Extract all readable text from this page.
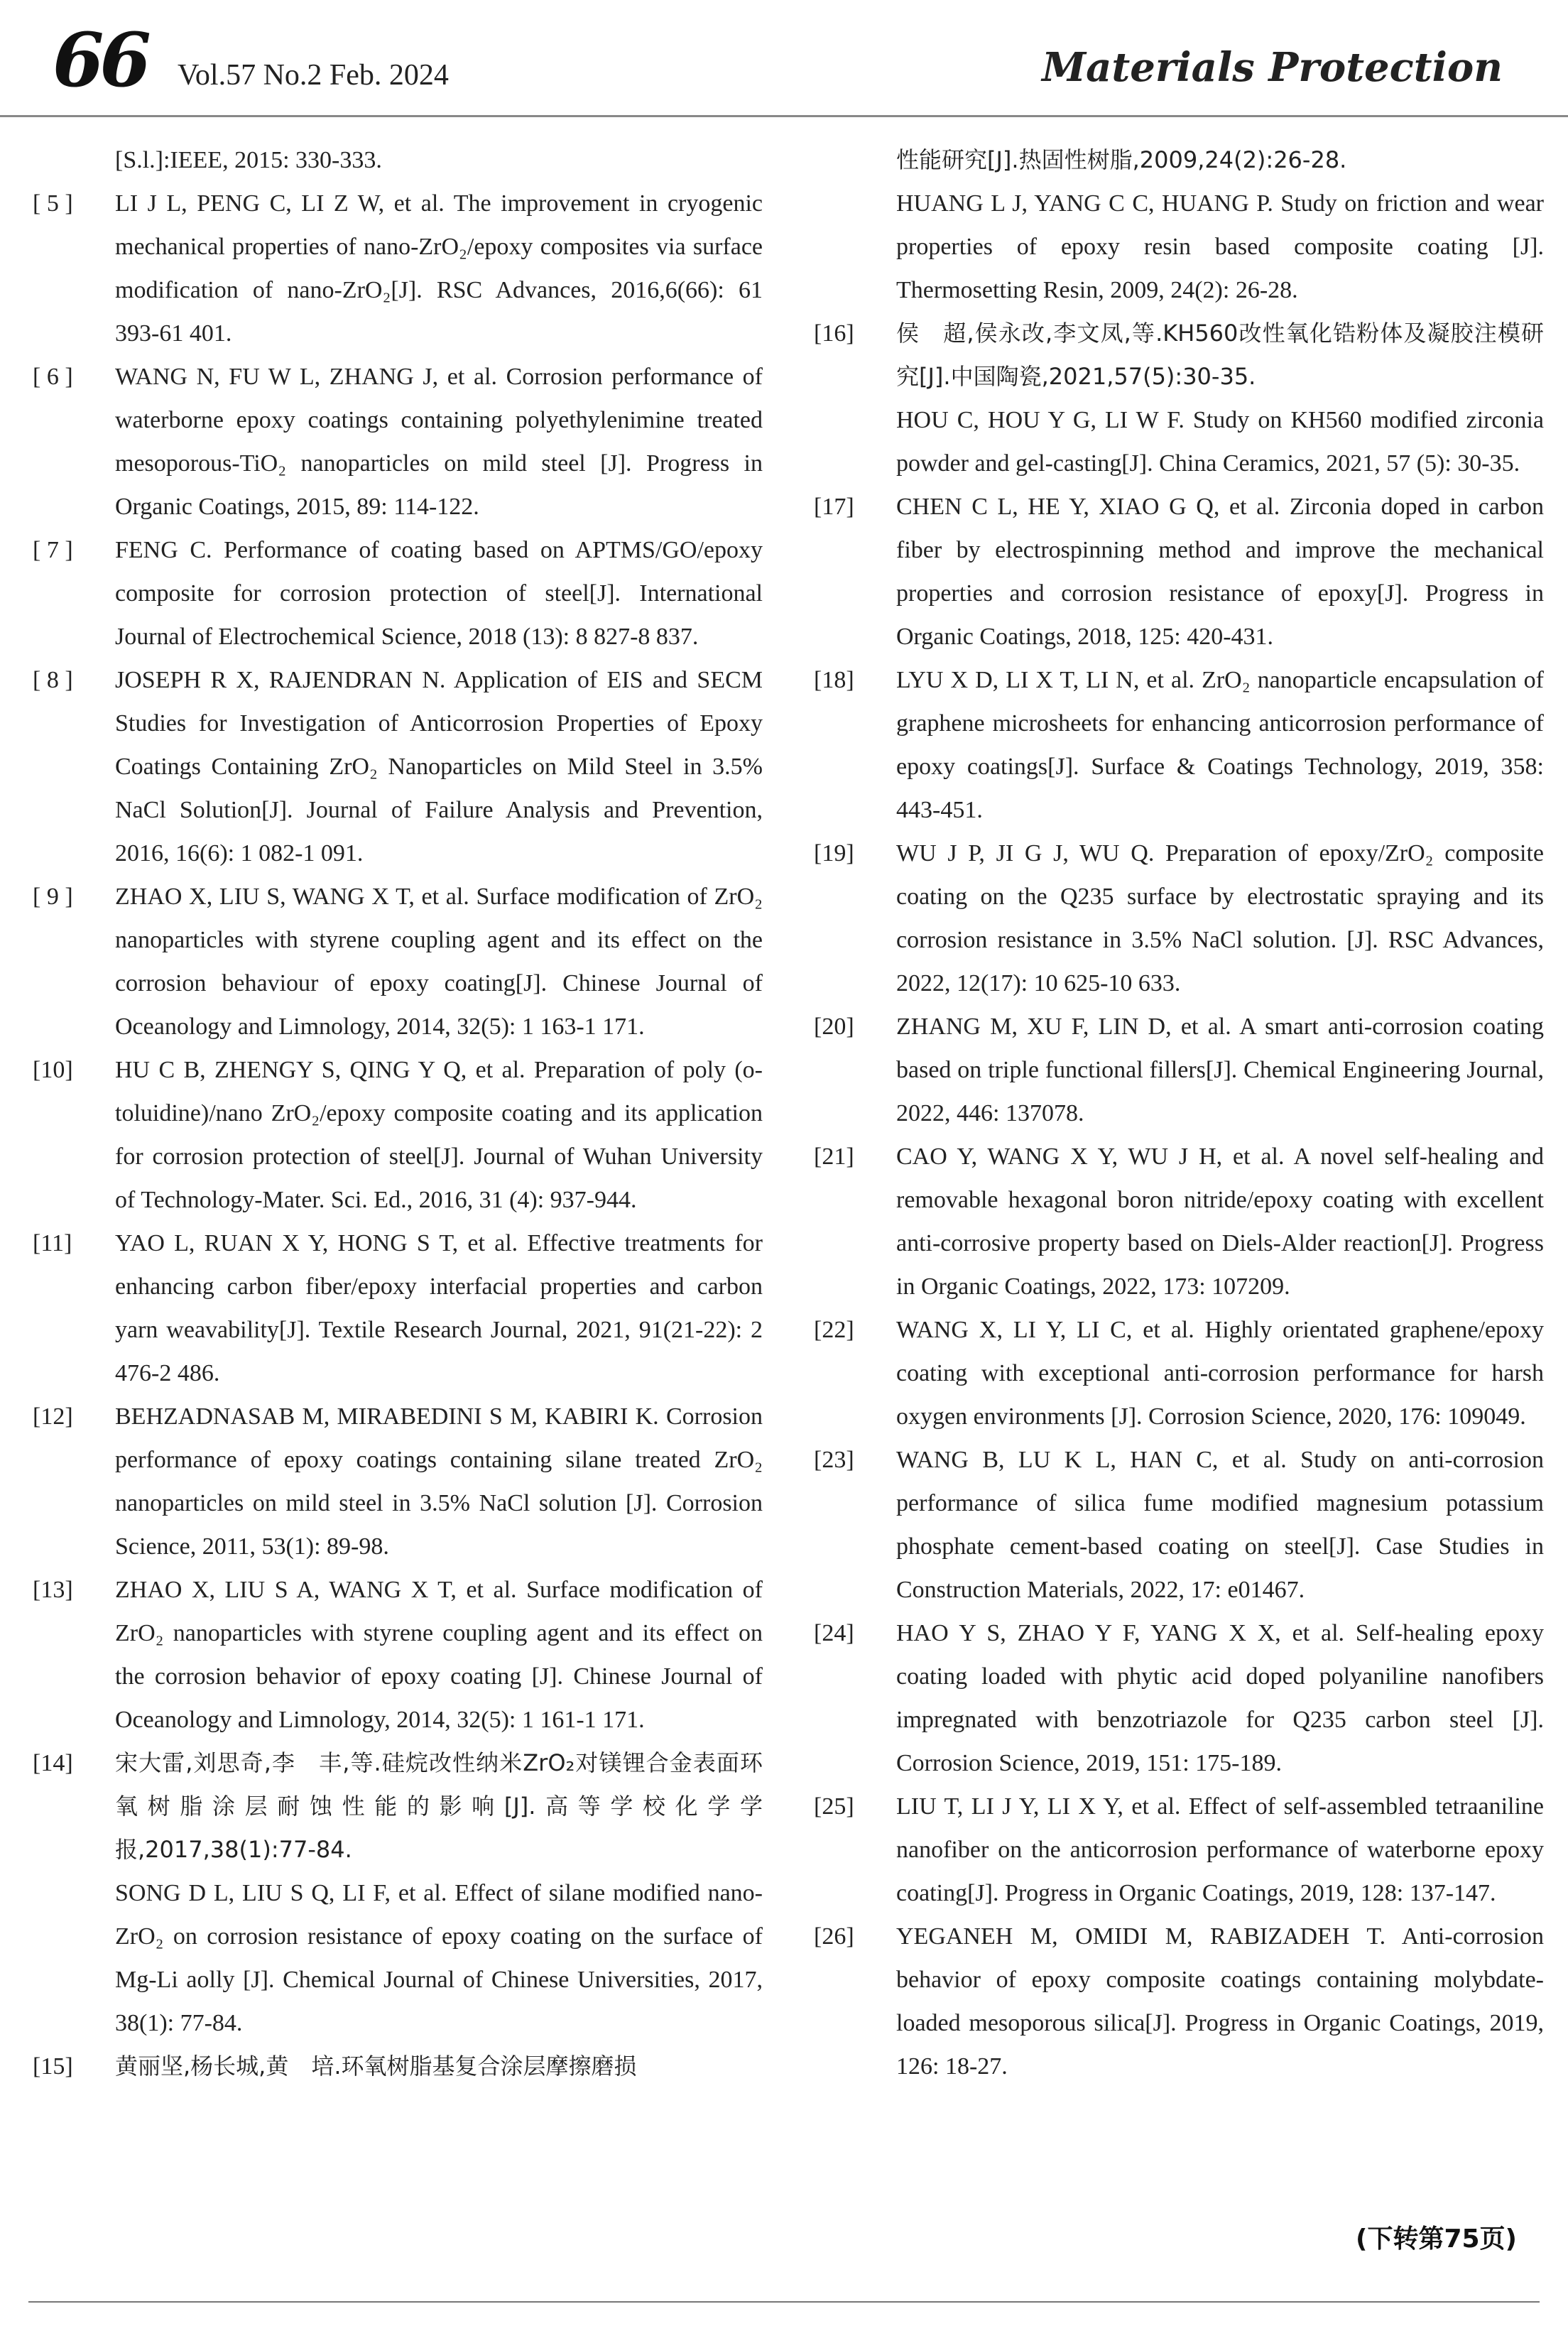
66 Vol.57 No.2 Feb. 2024	Materials Protection

[S.l.]:IEEE, 2015: 330-333.

[ 5 ]	LI J L, PENG C, LI Z W, et al. The improvement in cryogenic mechanical properties of nano-ZrO₂/epoxy composites via surface modification of nano-ZrO₂[J]. RSC Advances, 2016,6(66): 61 393-61 401.

[ 6 ]	WANG N, FU W L, ZHANG J, et al. Corrosion performance of waterborne epoxy coatings containing polyethylenimine treated mesoporous-TiO₂ nanoparticles on mild steel [J]. Progress in Organic Coatings, 2015, 89: 114-122.

[ 7 ]	FENG C. Performance of coating based on APTMS/GO/epoxy composite for corrosion protection of steel[J]. International Journal of Electrochemical Science, 2018 (13): 8 827-8 837.

[ 8 ]	JOSEPH R X, RAJENDRAN N. Application of EIS and SECM Studies for Investigation of Anticorrosion Properties of Epoxy Coatings Containing ZrO₂ Nanoparticles on Mild Steel in 3.5% NaCl Solution[J]. Journal of Failure Analysis and Prevention, 2016, 16(6): 1 082-1 091.

[ 9 ]	ZHAO X, LIU S, WANG X T, et al. Surface modification of ZrO₂ nanoparticles with styrene coupling agent and its effect on the corrosion behaviour of epoxy coating[J]. Chinese Journal of Oceanology and Limnology, 2014, 32(5): 1 163-1 171.

[10]	HU C B, ZHENGY S, QING Y Q, et al. Preparation of poly (o-toluidine)/nano ZrO₂/epoxy composite coating and its application for corrosion protection of steel[J]. Journal of Wuhan University of Technology-Mater. Sci. Ed., 2016, 31 (4): 937-944.

[11]	YAO L, RUAN X Y, HONG S T, et al. Effective treatments for enhancing carbon fiber/epoxy interfacial properties and carbon yarn weavability[J]. Textile Research Journal, 2021, 91(21-22): 2 476-2 486.

[12]	BEHZADNASAB M, MIRABEDINI S M, KABIRI K. Corrosion performance of epoxy coatings containing silane treated ZrO₂ nanoparticles on mild steel in 3.5% NaCl solution [J]. Corrosion Science, 2011, 53(1): 89-98.

[13]	ZHAO X, LIU S A, WANG X T, et al. Surface modification of ZrO₂ nanoparticles with styrene coupling agent and its effect on the corrosion behavior of epoxy coating [J]. Chinese Journal of Oceanology and Limnology, 2014, 32(5): 1 161-1 171.

[14]	宋大雷,刘思奇,李　丰,等.硅烷改性纳米ZrO₂对镁锂合金表面环氧树脂涂层耐蚀性能的影响[J].高等学校化学学报,2017,38(1):77-84.

SONG D L, LIU S Q, LI F, et al. Effect of silane modified nano-ZrO₂ on corrosion resistance of epoxy coating on the surface of Mg-Li aolly [J]. Chemical Journal of Chinese Universities, 2017, 38(1): 77-84.

[15]	黄丽坚,杨长城,黄　培.环氧树脂基复合涂层摩擦磨损

性能研究[J].热固性树脂,2009,24(2):26-28.

HUANG L J, YANG C C, HUANG P. Study on friction and wear properties of epoxy resin based composite coating [J]. Thermosetting Resin, 2009, 24(2): 26-28.

[16]	侯　超,侯永改,李文凤,等.KH560改性氧化锆粉体及凝胶注模研究[J].中国陶瓷,2021,57(5):30-35.

HOU C, HOU Y G, LI W F. Study on KH560 modified zirconia powder and gel-casting[J]. China Ceramics, 2021, 57 (5): 30-35.

[17]	CHEN C L, HE Y, XIAO G Q, et al. Zirconia doped in carbon fiber by electrospinning method and improve the mechanical properties and corrosion resistance of epoxy[J]. Progress in Organic Coatings, 2018, 125: 420-431.

[18]	LYU X D, LI X T, LI N, et al. ZrO₂ nanoparticle encapsulation of graphene microsheets for enhancing anticorrosion performance of epoxy coatings[J]. Surface & Coatings Technology, 2019, 358: 443-451.

[19]	WU J P, JI G J, WU Q. Preparation of epoxy/ZrO₂ composite coating on the Q235 surface by electrostatic spraying and its corrosion resistance in 3.5% NaCl solution. [J]. RSC Advances, 2022, 12(17): 10 625-10 633.

[20]	ZHANG M, XU F, LIN D, et al. A smart anti-corrosion coating based on triple functional fillers[J]. Chemical Engineering Journal, 2022, 446: 137078.

[21]	CAO Y, WANG X Y, WU J H, et al. A novel self-healing and removable hexagonal boron nitride/epoxy coating with excellent anti-corrosive property based on Diels-Alder reaction[J]. Progress in Organic Coatings, 2022, 173: 107209.

[22]	WANG X, LI Y, LI C, et al. Highly orientated graphene/epoxy coating with exceptional anti-corrosion performance for harsh oxygen environments [J]. Corrosion Science, 2020, 176: 109049.

[23]	WANG B, LU K L, HAN C, et al. Study on anti-corrosion performance of silica fume modified magnesium potassium phosphate cement-based coating on steel[J]. Case Studies in Construction Materials, 2022, 17: e01467.

[24]	HAO Y S, ZHAO Y F, YANG X X, et al. Self-healing epoxy coating loaded with phytic acid doped polyaniline nanofibers impregnated with benzotriazole for Q235 carbon steel [J]. Corrosion Science, 2019, 151: 175-189.

[25]	LIU T, LI J Y, LI X Y, et al. Effect of self-assembled tetraaniline nanofiber on the anticorrosion performance of waterborne epoxy coating[J]. Progress in Organic Coatings, 2019, 128: 137-147.

[26]	YEGANEH M, OMIDI M, RABIZADEH T. Anti-corrosion behavior of epoxy composite coatings containing molybdate-loaded mesoporous silica[J]. Progress in Organic Coatings, 2019, 126: 18-27.

(下转第75页)
